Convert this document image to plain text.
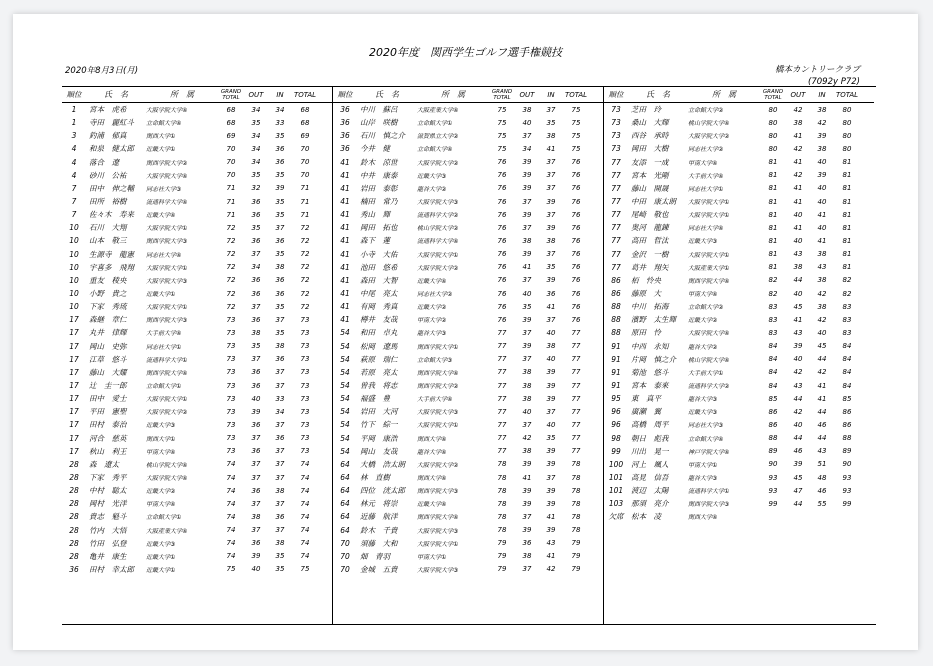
2020年度　関西学生ゴルフ選手権競技
2020年8月3日(月)	橋本カントリークラブ
(7092y P72)
順位	氏　名	所　属	GRAND
TOTAL	OUT	IN	TOTAL
1	宮本　虎希	大阪学院大学④	68	34	34	68
1	寺田　麗紅斗	立命館大学④	68	35	33	68
3	釣浦　郁真	関西大学①	69	34	35	69
4	和泉　健太郎	近畿大学①	70	34	36	70
4	落合　遼	関西学院大学②	70	34	36	70
4	砂川　公祐	大阪学院大学④	70	35	35	70
7	田中　伸之輔	同志社大学③	71	32	39	71
7	田所　裕樹	流通科学大学④	71	36	35	71
7	佐々木　寿来	近畿大学④	71	36	35	71
10	石川　大翔	大阪学院大学①	72	35	37	72
10	山本　敬三	関西学院大学③	72	36	36	72
10	生源寺　龍憲	同志社大学④	72	37	35	72
10	宇喜多　飛翔	大阪学院大学①	72	34	38	72
10	重友　稜央	大阪学院大学③	72	36	36	72
10	小野　貴之	近畿大学①	72	36	36	72
10	下家　秀琉	大阪学院大学①	72	37	35	72
17	森継　章仁	関西学院大学③	73	36	37	73
17	丸井　律輝	大手前大学④	73	38	35	73
17	岡山　史弥	同志社大学①	73	35	38	73
17	江草　悠斗	流通科学大学①	73	37	36	73
17	藤山　大耀	関西学院大学④	73	36	37	73
17	辻　圭一郎	立命館大学①	73	36	37	73
17	田中　愛士	大阪学院大学①	73	40	33	73
17	平田　憲聖	大阪学院大学②	73	39	34	73
17	田村　泰治	近畿大学③	73	36	37	73
17	河合　慈英	関西大学①	73	37	36	73
17	秋山　利王	甲南大学④	73	36	37	73
28	森　遼太	桃山学院大学④	74	37	37	74
28	下家　秀平	大阪学院大学④	74	37	37	74
28	中村　聡太	近畿大学②	74	36	38	74
28	岡村　光洋	甲南大学④	74	37	37	74
28	貴志　魁斗	立命館大学①	74	38	36	74
28	竹内　大悟	大阪産業大学④	74	37	37	74
28	竹田　弘登	近畿大学③	74	36	38	74
28	亀井　康生	近畿大学①	74	39	35	74
36	田村　幸太郎	近畿大学①	75	40	35	75
順位	氏　名	所　属	GRAND
TOTAL	OUT	IN	TOTAL
36	中川　蘇呂	大阪産業大学④	75	38	37	75
36	山岸　咲樹	立命館大学①	75	40	35	75
36	石川　慎之介	滋賀県立大学②	75	37	38	75
36	今井　健	立命館大学④	75	34	41	75
41	鈴木　涼世	大阪学院大学②	76	39	37	76
41	中井　康泰	近畿大学③	76	39	37	76
41	岩田　泰彰	龍谷大学②	76	39	37	76
41	楠田　常乃	大阪学院大学③	76	37	39	76
41	秀山　輝	流通科学大学②	76	39	37	76
41	岡田　拓也	桃山学院大学②	76	37	39	76
41	森下　蓮	流通科学大学④	76	38	38	76
41	小寺　大佑	大阪学院大学①	76	39	37	76
41	池田　悠希	大阪学院大学②	76	41	35	76
41	森田　大智	近畿大学④	76	37	39	76
41	中尾　亮太	同志社大学②	76	40	36	76
41	有岡　秀真	近畿大学②	76	35	41	76
41	樽井　友哉	甲南大学②	76	39	37	76
54	和田　卓丸	龍谷大学③	77	37	40	77
54	松岡　遼馬	関西学院大学①	77	39	38	77
54	萩原　瑞仁	立命館大学③	77	37	40	77
54	若原　亮太	関西学院大学④	77	38	39	77
54	曽我　将志	関西学院大学②	77	38	39	77
54	福盛　豊	大手前大学④	77	38	39	77
54	岩田　大河	大阪学院大学③	77	40	37	77
54	竹下　綜一	大阪学院大学①	77	37	40	77
54	平岡　康浩	関西大学④	77	42	35	77
54	岡山　友哉	龍谷大学④	77	38	39	77
64	大橋　浩太朗	大阪学院大学②	78	39	39	78
64	林　直樹	関西大学④	78	41	37	78
64	四位　洸太郎	関西学院大学③	78	39	39	78
64	林元　将崇	近畿大学④	78	39	39	78
64	近藤　航洋	関西学院大学④	78	37	41	78
64	鈴木　千貴	大阪学院大学③	78	39	39	78
70	須藤　大和	大阪学院大学①	79	36	43	79
70	畑　青羽	甲南大学①	79	38	41	79
70	金城　五貴	大阪学院大学③	79	37	42	79
順位	氏　名	所　属	GRAND
TOTAL	OUT	IN	TOTAL
73	芝田　玲	立命館大学②	80	42	38	80
73	桑山　大輝	桃山学院大学④	80	38	42	80
73	西谷　承時	大阪学院大学②	80	41	39	80
73	岡田　大樹	同志社大学②	80	42	38	80
77	友添　一成	甲南大学④	81	41	40	81
77	宮本　光剛	大手前大学④	81	42	39	81
77	藤山　開晟	同志社大学①	81	41	40	81
77	中田　康太朗	大阪学院大学①	81	41	40	81
77	尾崎　敬也	大阪学院大学①	81	40	41	81
77	奥河　龍錬	同志社大学④	81	41	40	81
77	高田　哲汰	近畿大学③	81	40	41	81
77	金沢　一樹	大阪学院大学①	81	43	38	81
77	葛井　翔矢	大阪産業大学①	81	38	43	81
86	栢　怜央	関西学院大学④	82	44	38	82
86	藤原　大	甲南大学④	82	40	42	82
88	中川　拓海	立命館大学②	83	45	38	83
88	濱野　太生輝	近畿大学②	83	41	42	83
88	原田　怜	大阪学院大学④	83	43	40	83
91	中西　永知	龍谷大学②	84	39	45	84
91	片岡　慎之介	桃山学院大学④	84	40	44	84
91	菊池　悠斗	大手前大学①	84	42	42	84
91	宮本　泰來	流通科学大学②	84	43	41	84
95	東　真平	龍谷大学③	85	44	41	85
96	廣瀬　翼	近畿大学③	86	42	44	86
96	高橋　周平	同志社大学③	86	40	46	86
98	朝日　彪我	立命館大学④	88	44	44	88
99	川出　晃一	神戸学院大学④	89	46	43	89
100	河上　颯人	甲南大学①	90	39	51	90
101	高見　信吾	龍谷大学③	93	45	48	93
101	渡辺　太陽	流通科学大学①	93	47	46	93
103	那須　亮介	関西学院大学③	99	44	55	99
欠席	松本　凌	関西大学④
